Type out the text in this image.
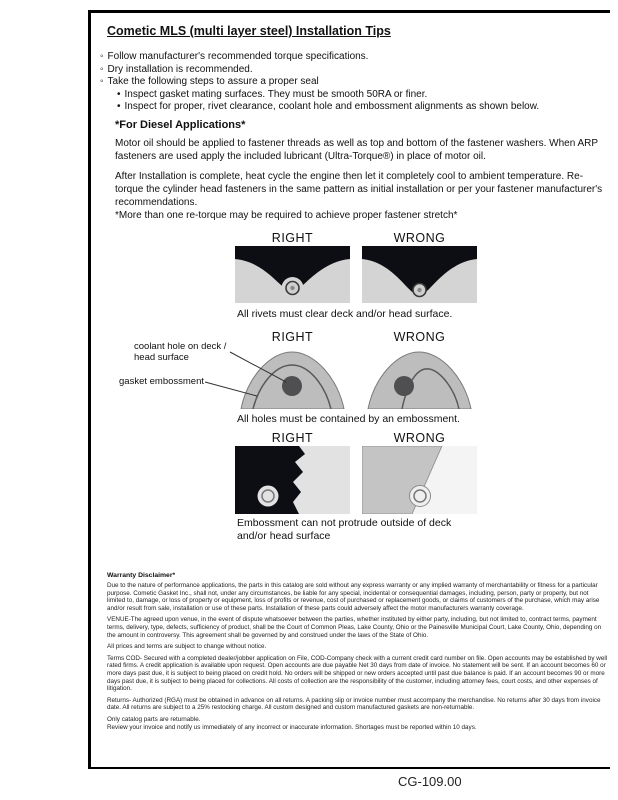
Cometic MLS (multi layer steel) Installation Tips
◦ Follow manufacturer's recommended torque specifications.
◦ Dry installation is recommended.
◦ Take the following steps to assure a proper seal
• Inspect gasket mating surfaces. They must be smooth 50RA or finer.
• Inspect for proper, rivet clearance, coolant hole and embossment alignments as shown below.
*For Diesel Applications*
Motor oil should be applied to fastener threads as well as top and bottom of the fastener washers. When ARP fasteners are used apply the included lubricant (Ultra-Torque®) in place of motor oil.
After Installation is complete, heat cycle the engine then let it completely cool to ambient temperature. Re-torque the cylinder head fasteners in the same pattern as initial installation or per your fastener manufacturer's recommendations.
*More than one re-torque may be required to achieve proper fastener stretch*
RIGHT	WRONG
All rivets must clear deck and/or head surface.
RIGHT	WRONG
coolant hole on deck / head surface
gasket embossment
All holes must be contained by an embossment.
RIGHT	WRONG
Embossment can not protrude outside of deck and/or head surface
Warranty Disclaimer*

Due to the nature of performance applications, the parts in this catalog are sold without any express warranty or any implied warranty of merchantability or fitness for a particular purpose. Cometic Gasket Inc., shall not, under any circumstances, be liable for any special, incidental or consequential damages, including, person, party or property, but not limited to, damage, or loss of property or equipment, loss of profits or revenue, cost of purchased or replacement goods, or claims of customers of the purchase, which may arise and/or result from sale, installation or use of these parts. Installation of these parts could adversely affect the motor manufacturers warranty coverage.

VENUE-The agreed upon venue, in the event of dispute whatsoever between the parties, whether instituted by either party, including, but not limited to, contract terms, payment terms, delivery, type, defects, sufficiency of product, shall be the Court of Common Pleas, Lake County, Ohio or the Painesville Municipal Court, Lake County, Ohio, depending on the amount in controversy. This agreement shall be governed by and construed under the laws of the State of Ohio.

All prices and terms are subject to change without notice.

Terms COD- Secured with a completed dealer/jobber application on File, COD-Company check with a current credit card number on file. Open accounts may be established by well rated firms. A credit application is available upon request. Open accounts are due payable Net 30 days from date of invoice. No statement will be sent. If an account becomes 60 or more days past due, it is subject to being placed on credit hold. No orders will be shipped or new orders accepted until past due balance is paid. If an account becomes 90 or more days past due, it is subject to being placed for collections. All costs of collection are the responsibility of the customer, including attorney fees, court costs, and other expenses of litigation.

Returns- Authorized (RGA) must be obtained in advance on all returns. A packing slip or invoice number must accompany the merchandise. No returns after 30 days from invoice date. All returns are subject to a 25% restocking charge. All custom designed and custom manufactured gaskets are non-returnable.

Only catalog parts are returnable.

Review your invoice and notify us immediately of any incorrect or inaccurate information. Shortages must be reported within 10 days.

CG-109.00
